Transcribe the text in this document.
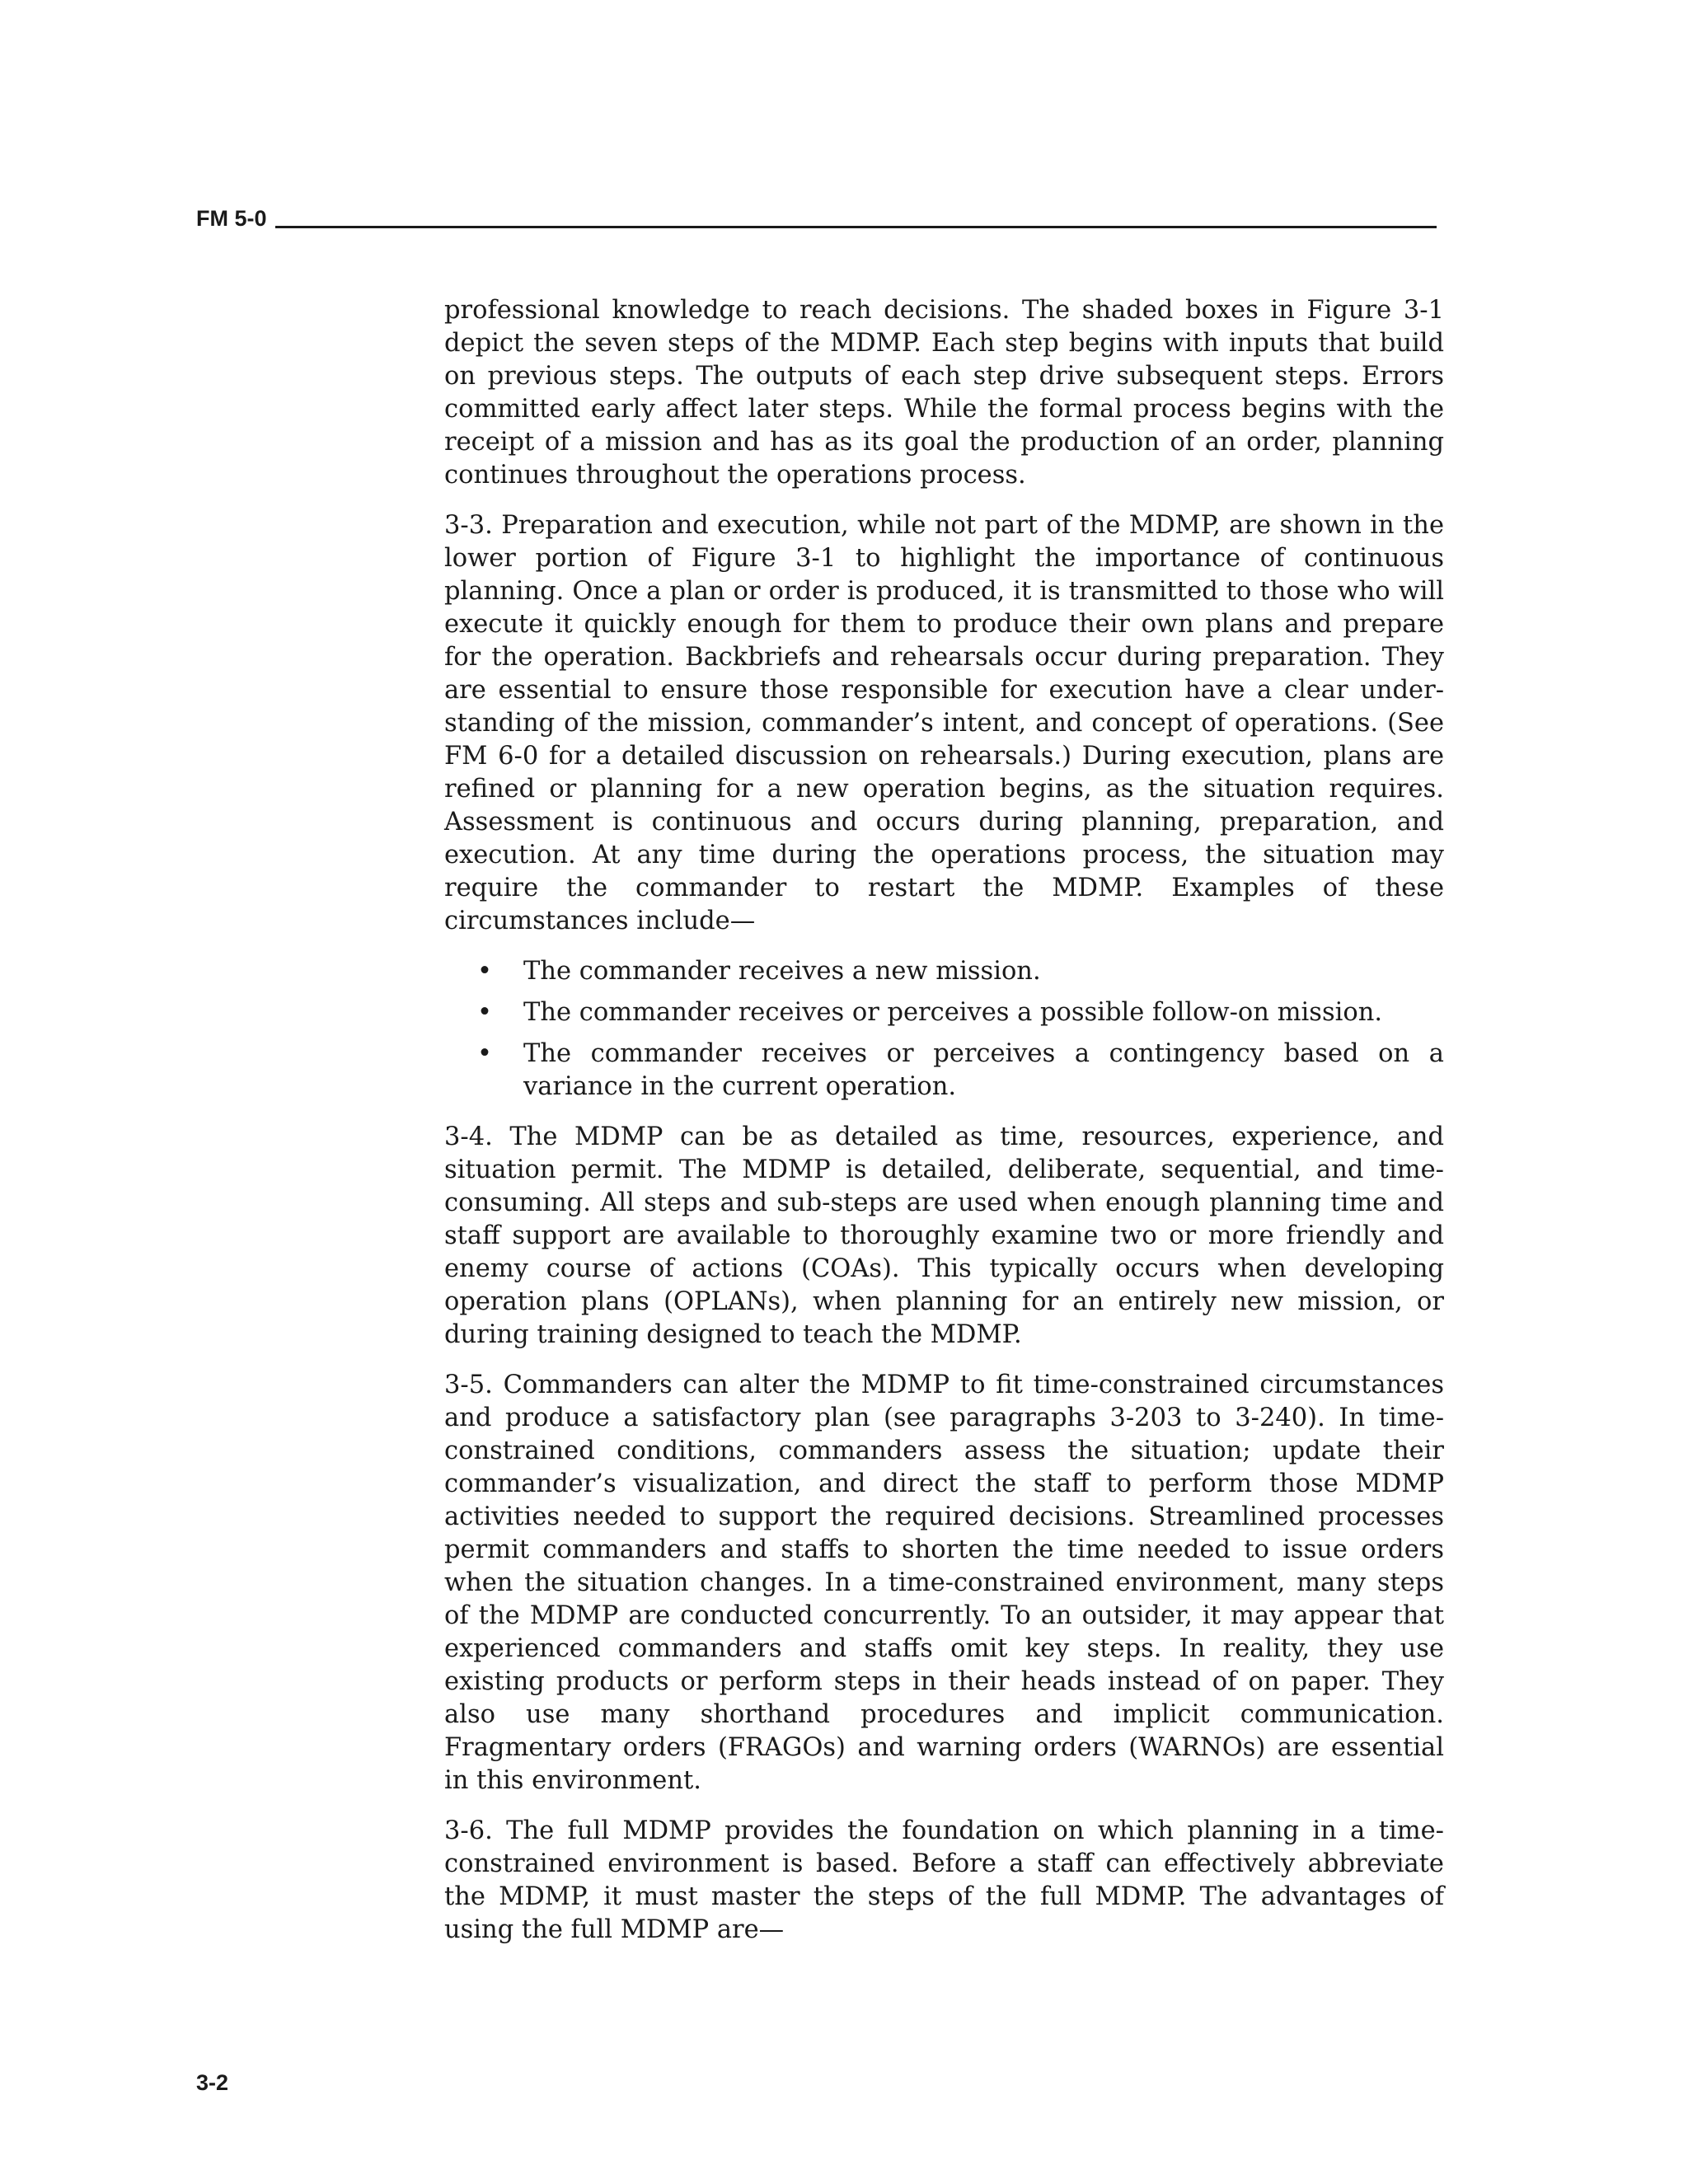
FM 5-0

professional knowledge to reach decisions. The shaded boxes in Figure 3-1 depict the seven steps of the MDMP. Each step begins with inputs that build on previous steps. The outputs of each step drive subsequent steps. Errors committed early affect later steps. While the formal process begins with the receipt of a mission and has as its goal the production of an order, planning continues throughout the operations process.

3-3. Preparation and execution, while not part of the MDMP, are shown in the lower portion of Figure 3-1 to highlight the importance of continuous planning. Once a plan or order is produced, it is transmitted to those who will execute it quickly enough for them to produce their own plans and prepare for the operation. Backbriefs and rehearsals occur during preparation. They are essential to ensure those responsible for execution have a clear understanding of the mission, commander’s intent, and concept of operations. (See FM 6-0 for a detailed discussion on rehearsals.) During execution, plans are refined or planning for a new operation begins, as the situation requires. Assessment is continuous and occurs during planning, preparation, and execution. At any time during the operations process, the situation may require the commander to restart the MDMP. Examples of these circumstances include—

• The commander receives a new mission.
• The commander receives or perceives a possible follow-on mission.
• The commander receives or perceives a contingency based on a variance in the current operation.

3-4. The MDMP can be as detailed as time, resources, experience, and situation permit. The MDMP is detailed, deliberate, sequential, and time-consuming. All steps and sub-steps are used when enough planning time and staff support are available to thoroughly examine two or more friendly and enemy course of actions (COAs). This typically occurs when developing operation plans (OPLANs), when planning for an entirely new mission, or during training designed to teach the MDMP.

3-5. Commanders can alter the MDMP to fit time-constrained circumstances and produce a satisfactory plan (see paragraphs 3-203 to 3-240). In time-constrained conditions, commanders assess the situation; update their commander’s visualization, and direct the staff to perform those MDMP activities needed to support the required decisions. Streamlined processes permit commanders and staffs to shorten the time needed to issue orders when the situation changes. In a time-constrained environment, many steps of the MDMP are conducted concurrently. To an outsider, it may appear that experienced commanders and staffs omit key steps. In reality, they use existing products or perform steps in their heads instead of on paper. They also use many shorthand procedures and implicit communication. Fragmentary orders (FRAGOs) and warning orders (WARNOs) are essential in this environment.

3-6. The full MDMP provides the foundation on which planning in a time-constrained environment is based. Before a staff can effectively abbreviate the MDMP, it must master the steps of the full MDMP. The advantages of using the full MDMP are—

3-2
